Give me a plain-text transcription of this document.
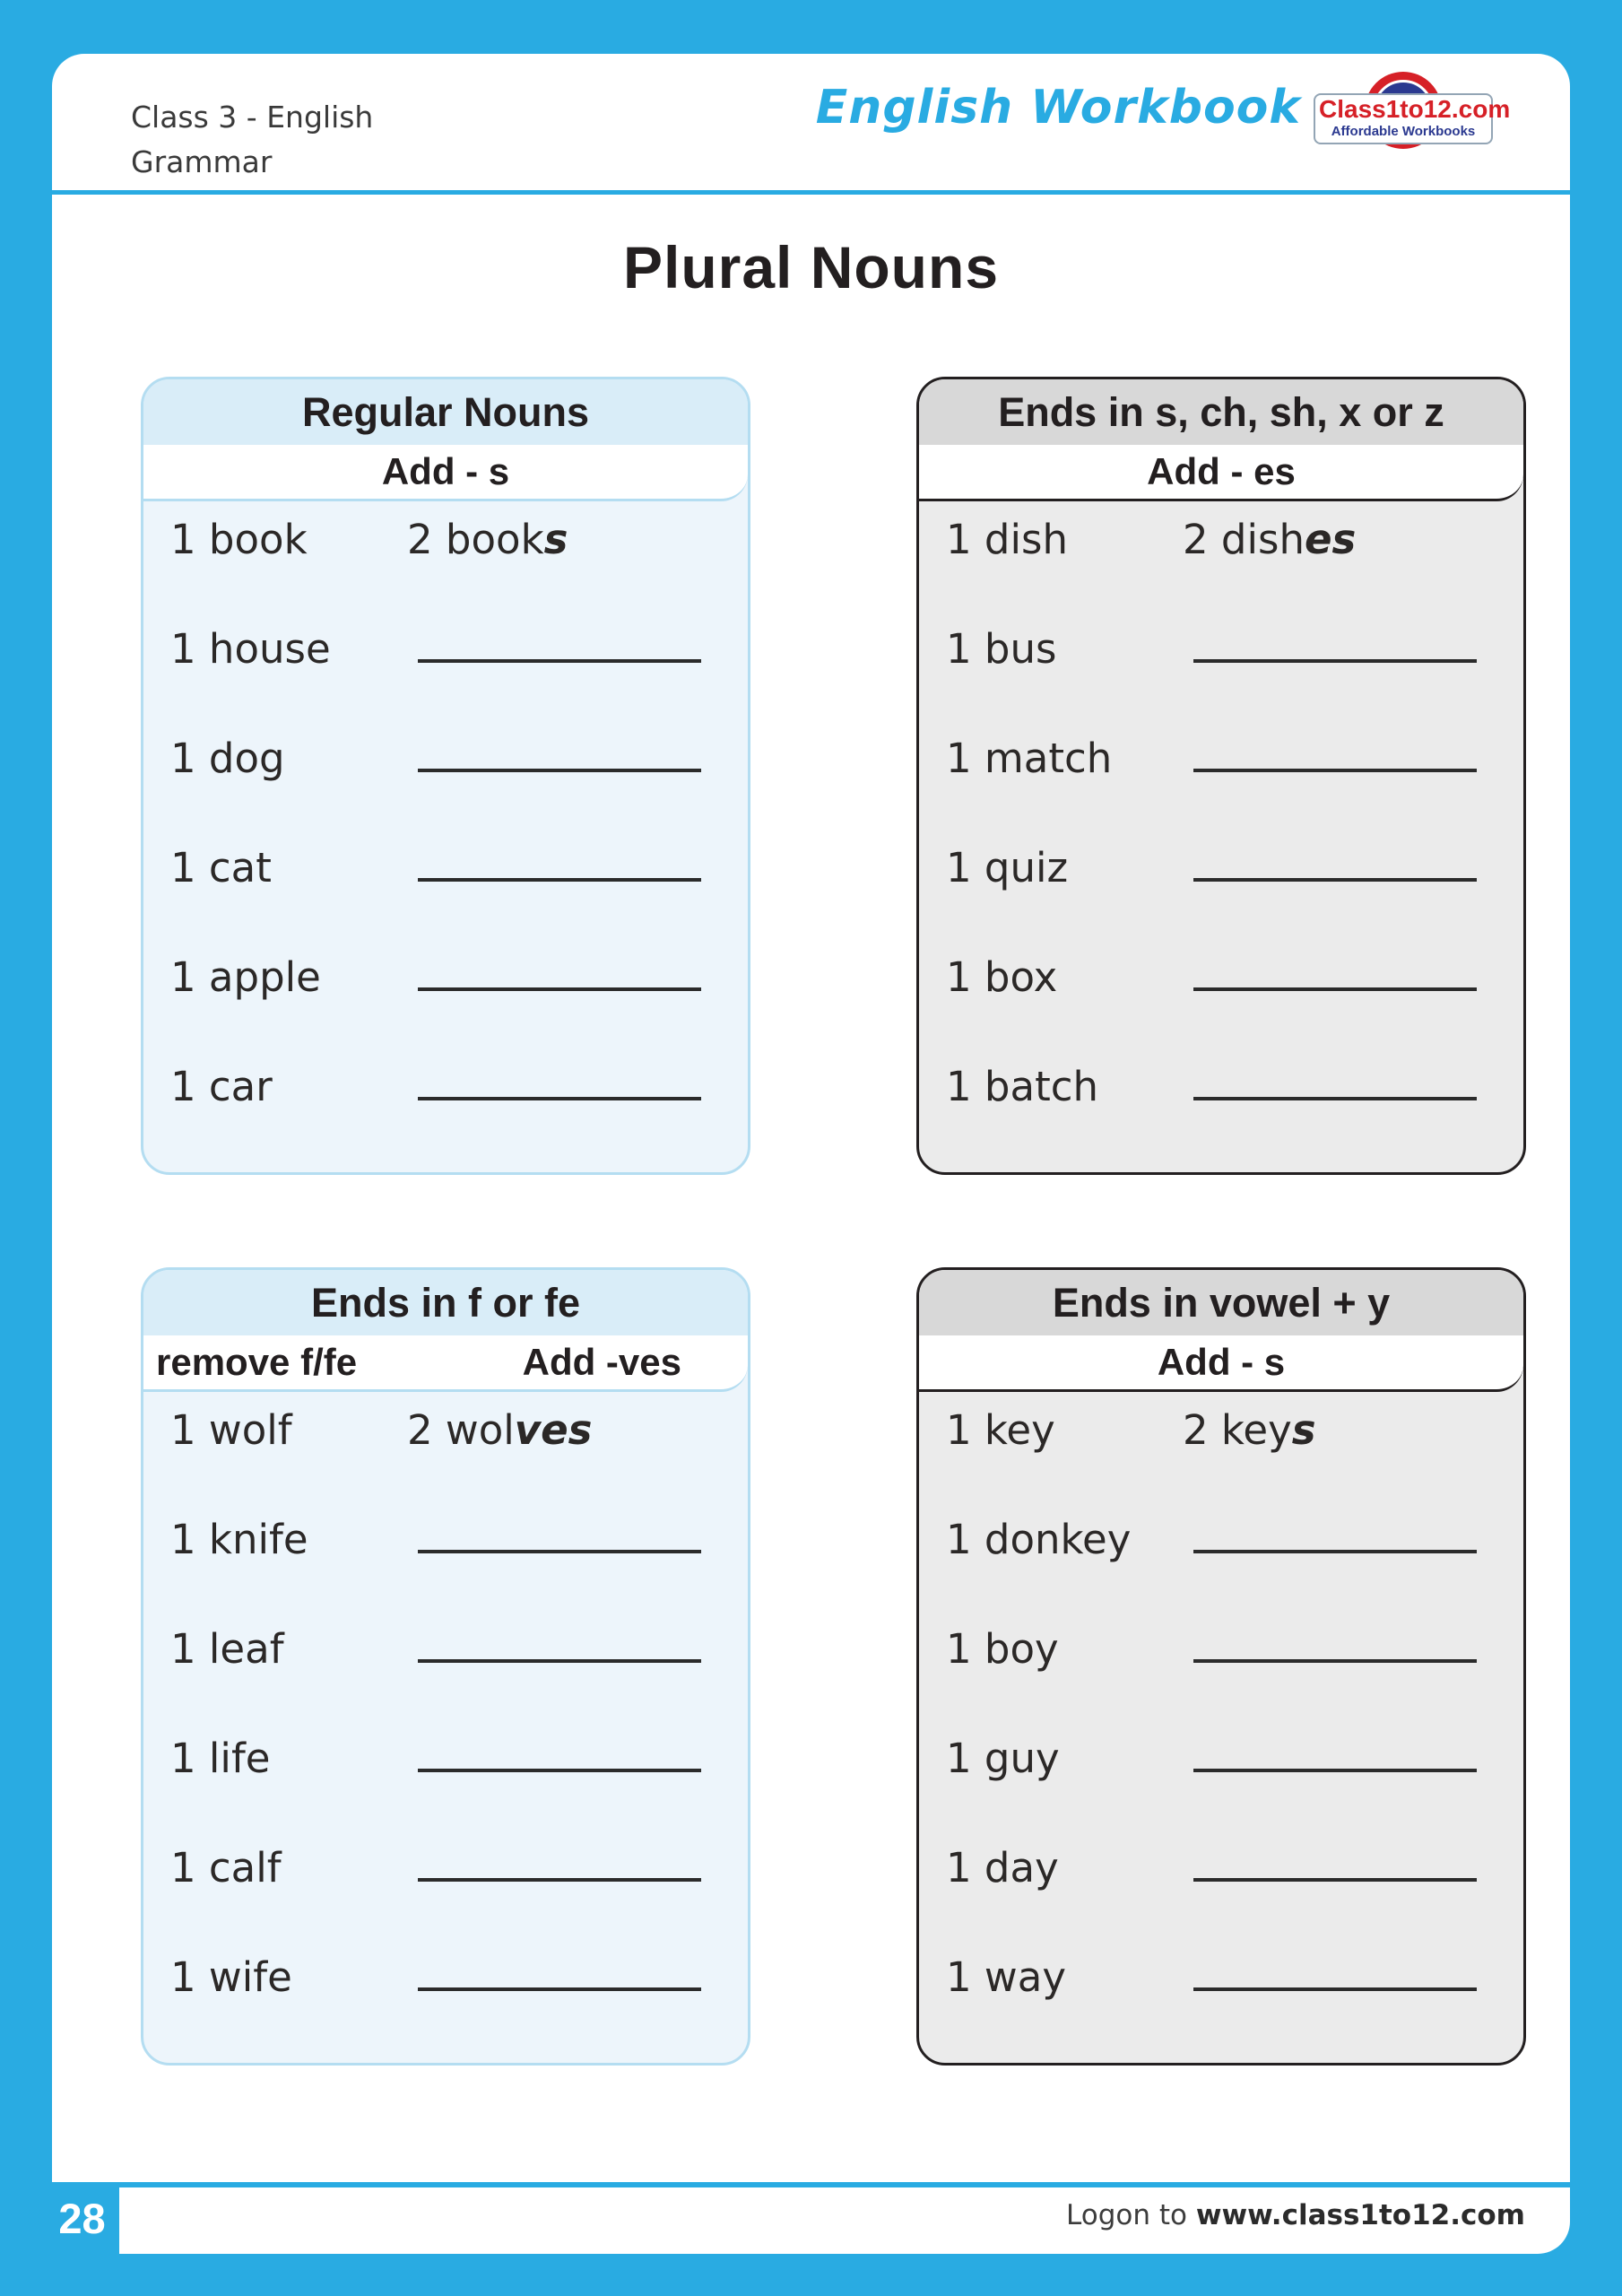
Class 3 - English
Grammar
English Workbook Class1to12.com
Affordable Workbooks
Plural Nouns
Regular Nouns
Add - s
1 book	2 books
1 house
1 dog
1 cat
1 apple
1 car
Ends in s, ch, sh, x or z
Add - es
1 dish	2 dishes
1 bus
1 match
1 quiz
1 box
1 batch
Ends in f or fe
remove f/fe	Add -ves
1 wolf	2 wolves
1 knife
1 leaf
1 life
1 calf
1 wife
Ends in vowel + y
Add - s
1 key	2 keys
1 donkey
1 boy
1 guy
1 day
1 way
Logon to www.class1to12.com
28
